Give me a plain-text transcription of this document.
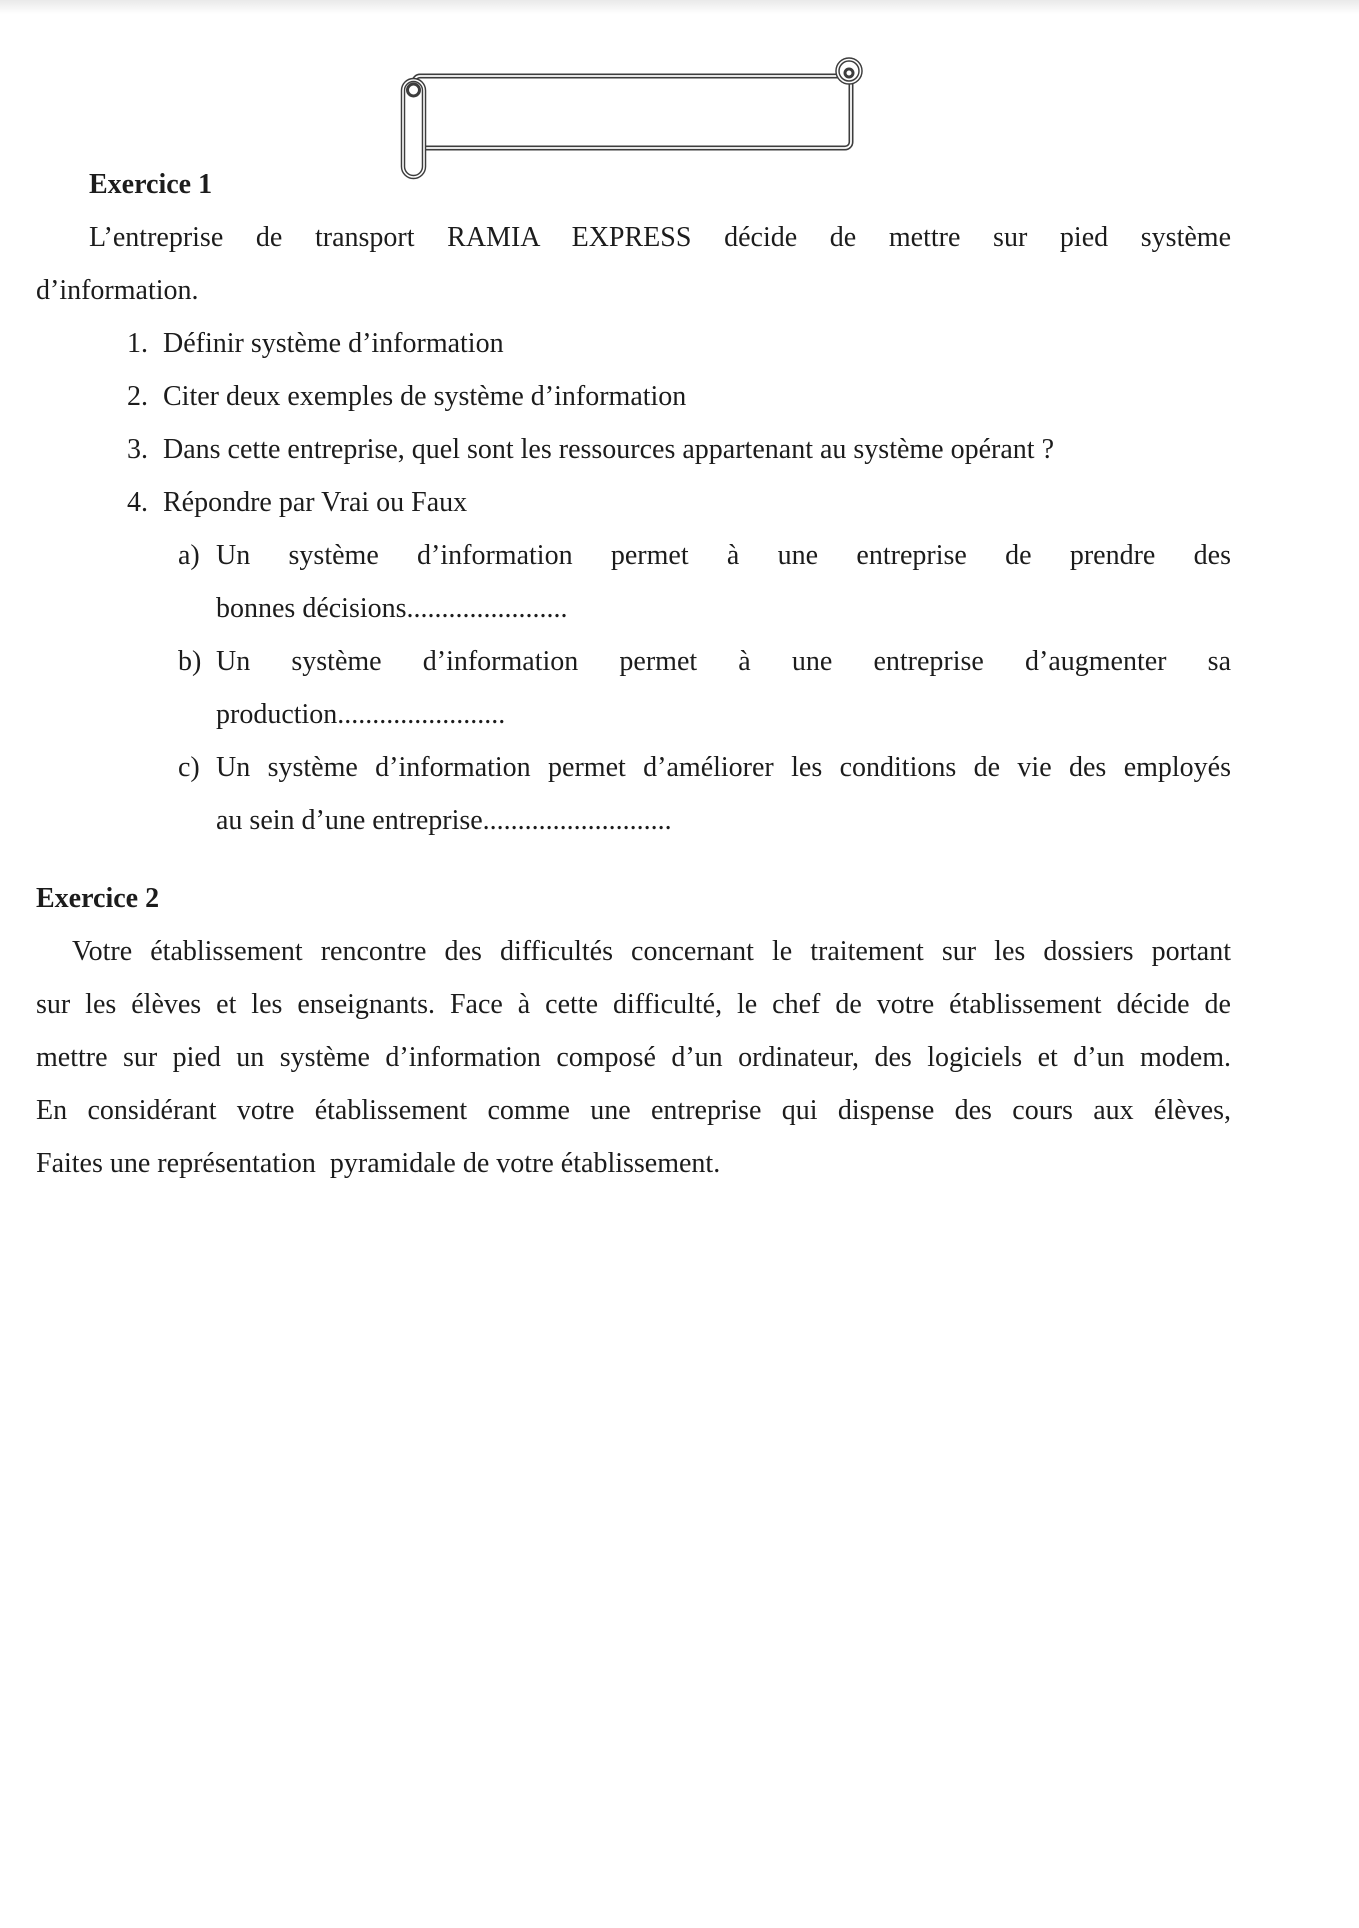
Exercice 1
L’entreprise de transport RAMIA EXPRESS décide de mettre sur pied système
d’information.
1. Définir système d’information
2. Citer deux exemples de système d’information
3. Dans cette entreprise, quel sont les ressources appartenant au système opérant ?
4. Répondre par Vrai ou Faux
a) Un système d’information permet à une entreprise de prendre des
bonnes décisions.......................
b) Un système d’information permet à une entreprise d’augmenter sa
production........................
c) Un système d’information permet d’améliorer les conditions de vie des employés
au sein d’une entreprise...........................
Exercice 2
Votre établissement rencontre des difficultés concernant le traitement sur les dossiers portant
sur les élèves et les enseignants. Face à cette difficulté, le chef de votre établissement décide de
mettre sur pied un système d’information composé d’un ordinateur, des logiciels et d’un modem.
En considérant votre établissement comme une entreprise qui dispense des cours aux élèves,
Faites une représentation  pyramidale de votre établissement.
